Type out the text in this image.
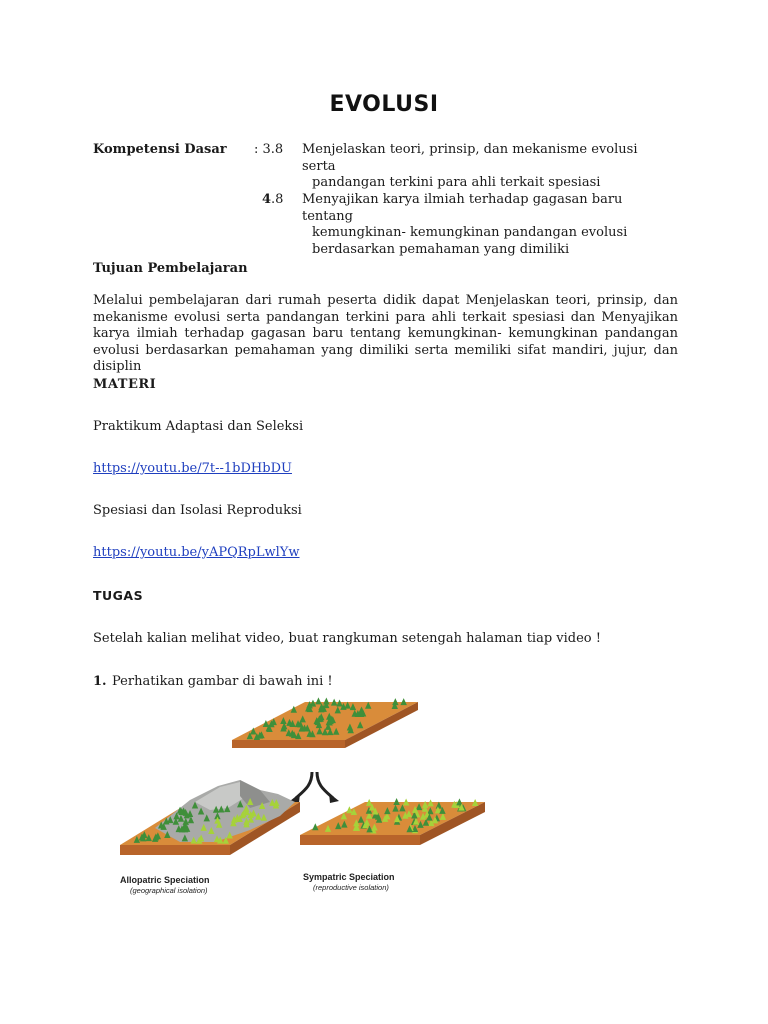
EVOLUSI
Kompetensi Dasar : 3.8 Menjelaskan teori, prinsip, dan mekanisme evolusi serta
pandangan terkini para ahli terkait spesiasi
4.8 Menyajikan karya ilmiah terhadap gagasan baru tentang
kemungkinan- kemungkinan pandangan evolusi
berdasarkan pemahaman yang dimiliki
Tujuan Pembelajaran
Melalui pembelajaran dari rumah peserta didik dapat Menjelaskan teori, prinsip, dan mekanisme evolusi serta pandangan terkini para ahli terkait spesiasi dan Menyajikan karya ilmiah terhadap gagasan baru tentang kemungkinan- kemungkinan pandangan evolusi berdasarkan pemahaman yang dimiliki serta memiliki sifat mandiri, jujur, dan disiplin
MATERI
Praktikum Adaptasi dan Seleksi
https://youtu.be/7t--1bDHbDU
Spesiasi dan Isolasi Reproduksi
https://youtu.be/yAPQRpLwlYw
TUGAS
Setelah kalian melihat video, buat rangkuman setengah halaman tiap video !
1. Perhatikan gambar di bawah ini !
Allopatric Speciation
(geographical isolation)
Sympatric Speciation
(reproductive isolation)
